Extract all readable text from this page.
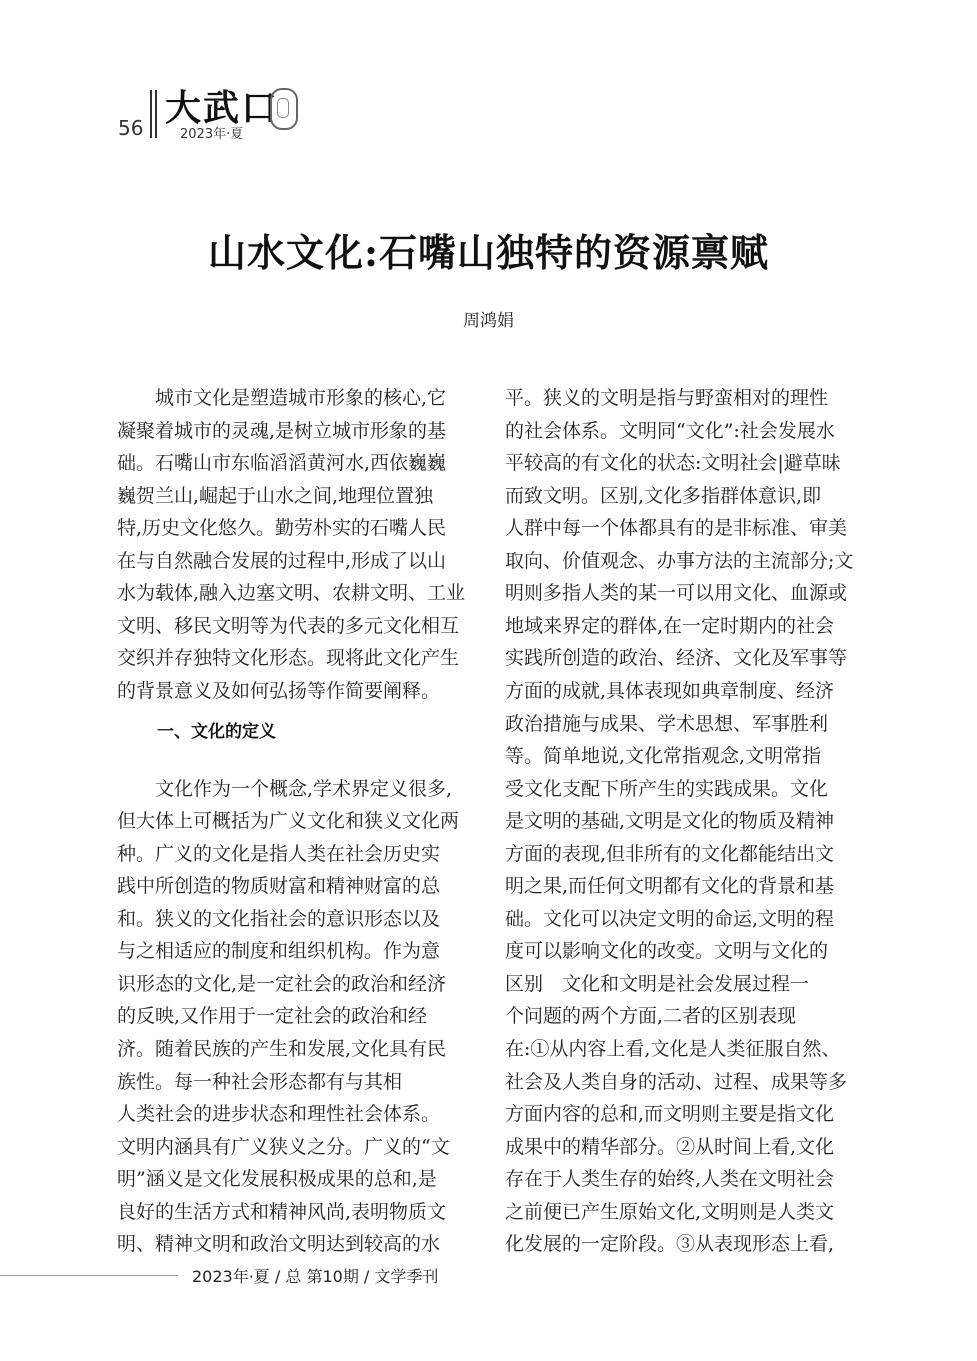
56 大武口
2023年·夏
山水文化:石嘴山独特的资源禀赋
周鸿娟
一、文化的定义
　　城市文化是塑造城市形象的核心,它
凝聚着城市的灵魂,是树立城市形象的基
础。石嘴山市东临滔滔黄河水,西依巍巍
巍贺兰山,崛起于山水之间,地理位置独
特,历史文化悠久。勤劳朴实的石嘴人民
在与自然融合发展的过程中,形成了以山
水为载体,融入边塞文明、农耕文明、工业
文明、移民文明等为代表的多元文化相互
交织并存独特文化形态。现将此文化产生
的背景意义及如何弘扬等作简要阐释。
　　文化作为一个概念,学术界定义很多,
但大体上可概括为广义文化和狭义文化两
种。广义的文化是指人类在社会历史实
践中所创造的物质财富和精神财富的总
和。狭义的文化指社会的意识形态以及
与之相适应的制度和组织机构。作为意
识形态的文化,是一定社会的政治和经济
的反映,又作用于一定社会的政治和经
济。随着民族的产生和发展,文化具有民
族性。每一种社会形态都有与其相
人类社会的进步状态和理性社会体系。
文明内涵具有广义狭义之分。广义的“文
明”涵义是文化发展积极成果的总和,是
良好的生活方式和精神风尚,表明物质文
明、精神文明和政治文明达到较高的水
平。狭义的文明是指与野蛮相对的理性
的社会体系。文明同“文化”:社会发展水
平较高的有文化的状态:文明社会|避草昧
而致文明。区别,文化多指群体意识,即
人群中每一个体都具有的是非标准、审美
取向、价值观念、办事方法的主流部分;文
明则多指人类的某一可以用文化、血源或
地域来界定的群体,在一定时期内的社会
实践所创造的政治、经济、文化及军事等
方面的成就,具体表现如典章制度、经济
政治措施与成果、学术思想、军事胜利
等。简单地说,文化常指观念,文明常指
受文化支配下所产生的实践成果。文化
是文明的基础,文明是文化的物质及精神
方面的表现,但非所有的文化都能结出文
明之果,而任何文明都有文化的背景和基
础。文化可以决定文明的命运,文明的程
度可以影响文化的改变。文明与文化的
区别　文化和文明是社会发展过程一
个问题的两个方面,二者的区别表现
在:①从内容上看,文化是人类征服自然、
社会及人类自身的活动、过程、成果等多
方面内容的总和,而文明则主要是指文化
成果中的精华部分。②从时间上看,文化
存在于人类生存的始终,人类在文明社会
之前便已产生原始文化,文明则是人类文
化发展的一定阶段。③从表现形态上看,
2023年·夏 / 总 第10期 / 文学季刊
